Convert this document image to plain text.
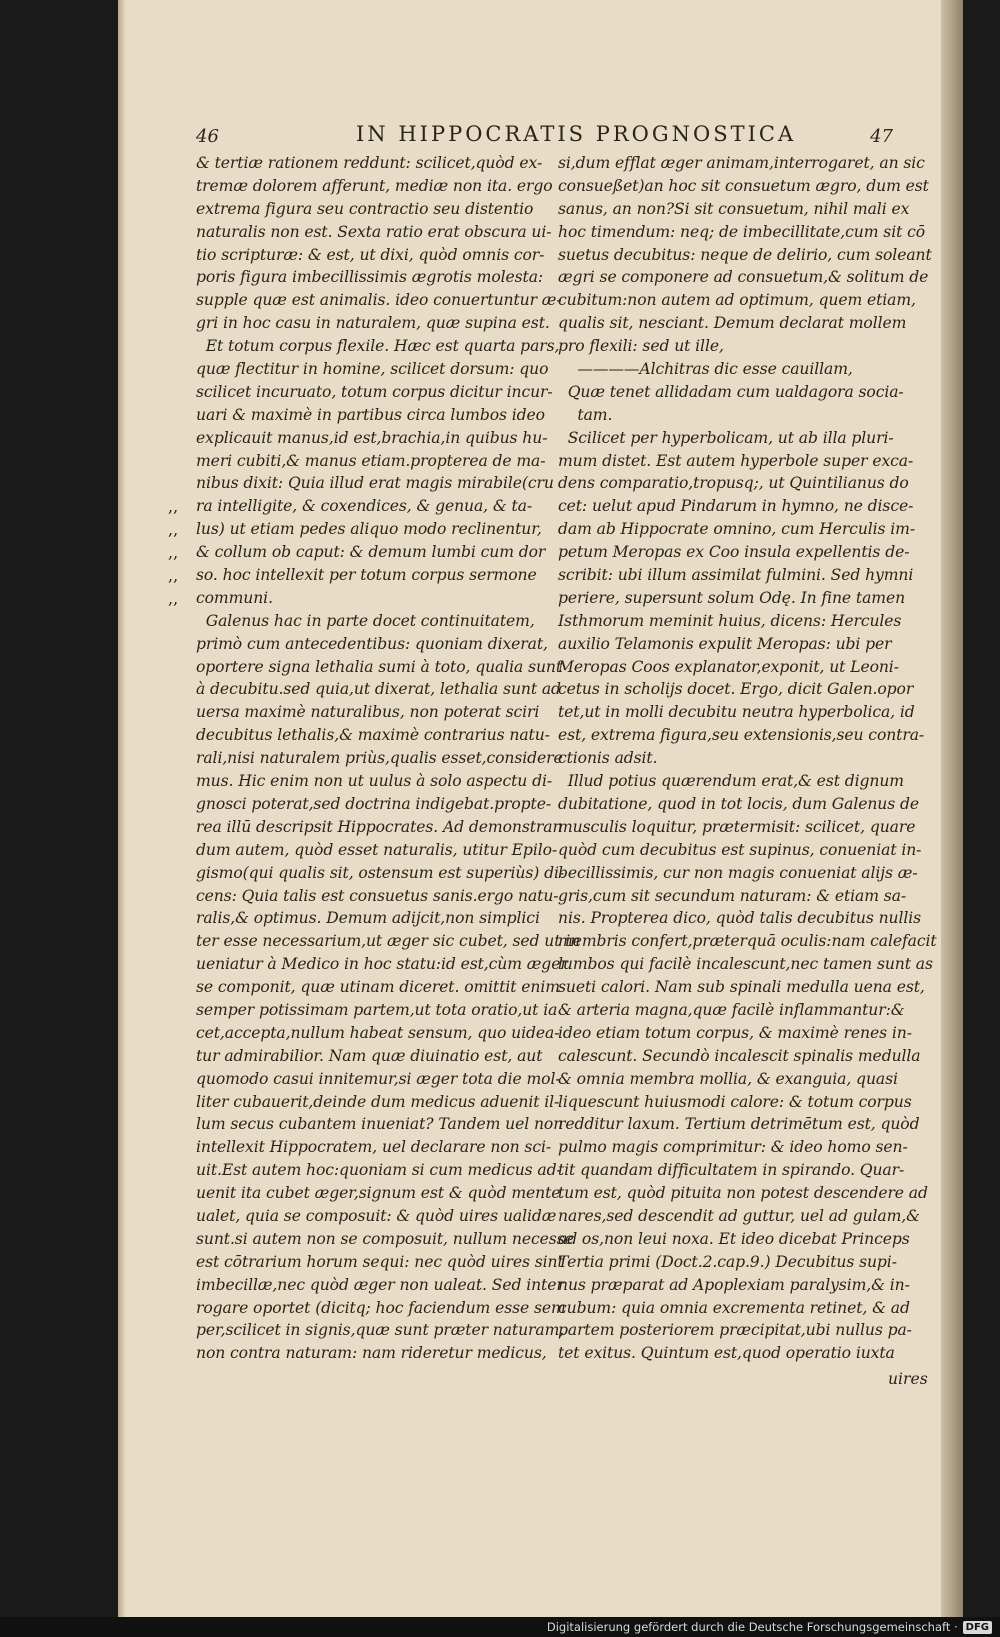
46	IN HIPPOCRATIS PROGNOSTICA	47
& tertiæ rationem reddunt: scilicet,quòd ex-
tremæ dolorem afferunt, mediæ non ita. ergo
extrema figura seu contractio seu distentio
naturalis non est. Sexta ratio erat obscura ui-
tio scripturæ: & est, ut dixi, quòd omnis cor-
poris figura imbecillissimis ægrotis molesta:
supple quæ est animalis. ideo conuertuntur æ-
gri in hoc casu in naturalem, quæ supina est.
Et totum corpus flexile. Hæc est quarta pars,
quæ flectitur in homine, scilicet dorsum: quo
scilicet incuruato, totum corpus dicitur incur-
uari & maximè in partibus circa lumbos ideo
explicauit manus,id est,brachia,in quibus hu-
meri cubiti,& manus etiam.propterea de ma-
nibus dixit: Quia illud erat magis mirabile(cru
ra intelligite, & coxendices, & genua, & ta-
lus) ut etiam pedes aliquo modo reclinentur,
& collum ob caput: & demum lumbi cum dor
so. hoc intellexit per totum corpus sermone
communi.
Galenus hac in parte docet continuitatem,
primò cum antecedentibus: quoniam dixerat,
oportere signa lethalia sumi à toto, qualia sunt
à decubitu.sed quia,ut dixerat, lethalia sunt ad
uersa maximè naturalibus, non poterat sciri
decubitus lethalis,& maximè contrarius natu-
rali,nisi naturalem priùs,qualis esset,considere
mus. Hic enim non ut uulus à solo aspectu di-
gnosci poterat,sed doctrina indigebat.propte-
rea illū descripsit Hippocrates. Ad demonstran
dum autem, quòd esset naturalis, utitur Epilo-
gismo(qui qualis sit, ostensum est superiùs) di-
cens: Quia talis est consuetus sanis.ergo natu-
ralis,& optimus. Demum adijcit,non simplici
ter esse necessarium,ut æger sic cubet, sed ut in
ueniatur à Medico in hoc statu:id est,cùm æger
se componit, quæ utinam diceret. omittit enim
semper potissimam partem,ut tota oratio,ut ia
cet,accepta,nullum habeat sensum, quo uidea-
tur admirabilior. Nam quæ diuinatio est, aut
quomodo casui innitemur,si æger tota die mol-
liter cubauerit,deinde dum medicus aduenit il-
lum secus cubantem inueniat? Tandem uel non
intellexit Hippocratem, uel declarare non sci-
uit.Est autem hoc:quoniam si cum medicus ad-
uenit ita cubet æger,signum est & quòd mente
ualet, quia se composuit: & quòd uires ualidæ
sunt.si autem non se composuit, nullum necesse
est cōtrarium horum sequi: nec quòd uires sint
imbecillæ,nec quòd æger non ualeat. Sed inter
rogare oportet (dicitq; hoc faciendum esse sem
per,scilicet in signis,quæ sunt præter naturam,
non contra naturam: nam rideretur medicus,
si,dum efflat æger animam,interrogaret, an sic
consueßet)an hoc sit consuetum ægro, dum est
sanus, an non?Si sit consuetum, nihil mali ex
hoc timendum: neq; de imbecillitate,cum sit cō
suetus decubitus: neque de delirio, cum soleant
ægri se componere ad consuetum,& solitum de
cubitum:non autem ad optimum, quem etiam,
qualis sit, nesciant. Demum declarat mollem
pro flexili: sed ut ille,
————Alchitras dic esse cauillam,
Quæ tenet allidadam cum ualdagora socia-
tam.
Scilicet per hyperbolicam, ut ab illa pluri-
mum distet. Est autem hyperbole super exca-
dens comparatio,tropusq;, ut Quintilianus do
cet: uelut apud Pindarum in hymno, ne disce-
dam ab Hippocrate omnino, cum Herculis im-
petum Meropas ex Coo insula expellentis de-
scribit: ubi illum assimilat fulmini. Sed hymni
periere, supersunt solum Odę. In fine tamen
Isthmorum meminit huius, dicens: Hercules
auxilio Telamonis expulit Meropas: ubi per
Meropas Coos explanator,exponit, ut Leoni-
cetus in scholijs docet. Ergo, dicit Galen.opor
tet,ut in molli decubitu neutra hyperbolica, id
est, extrema figura,seu extensionis,seu contra-
ctionis adsit.
Illud potius quærendum erat,& est dignum
dubitatione, quod in tot locis, dum Galenus de
musculis loquitur, prætermisit: scilicet, quare
quòd cum decubitus est supinus, conueniat in-
becillissimis, cur non magis conueniat alijs æ-
gris,cum sit secundum naturam: & etiam sa-
nis. Propterea dico, quòd talis decubitus nullis
membris confert,præterquā oculis:nam calefacit
lumbos qui facilè incalescunt,nec tamen sunt as
sueti calori. Nam sub spinali medulla uena est,
& arteria magna,quæ facilè inflammantur:&
ideo etiam totum corpus, & maximè renes in-
calescunt. Secundò incalescit spinalis medulla
& omnia membra mollia, & exanguia, quasi
liquescunt huiusmodi calore: & totum corpus
redditur laxum. Tertium detrimētum est, quòd
pulmo magis comprimitur: & ideo homo sen-
tit quandam difficultatem in spirando. Quar-
tum est, quòd pituita non potest descendere ad
nares,sed descendit ad guttur, uel ad gulam,&
ad os,non leui noxa. Et ideo dicebat Princeps
Tertia primi (Doct.2.cap.9.) Decubitus supi-
nus præparat ad Apoplexiam paralysim,& in-
cubum: quia omnia excrementa retinet, & ad
partem posteriorem præcipitat,ubi nullus pa-
tet exitus. Quintum est,quod operatio iuxta
,,
,,
,,
,,
,,
uires
Digitalisierung gefördert durch die Deutsche Forschungsgemeinschaft · DFG
